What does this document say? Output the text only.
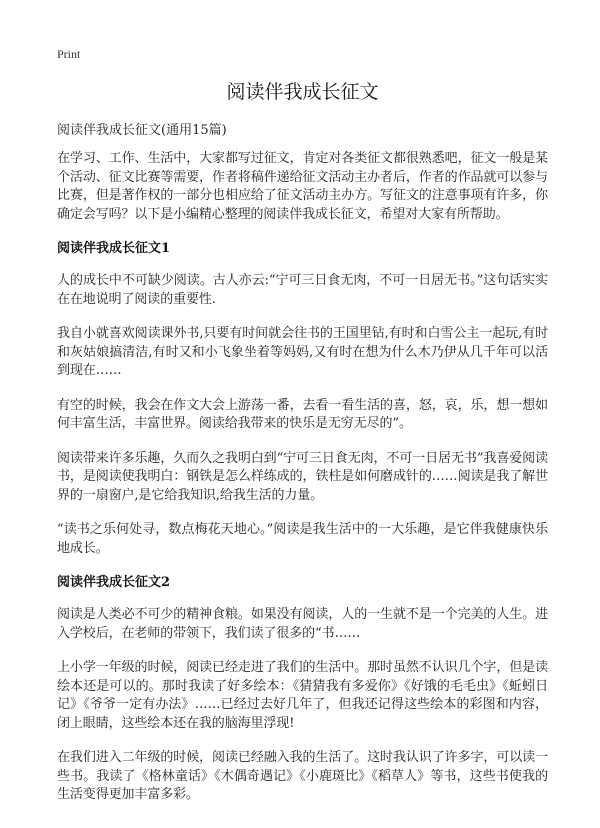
Print
阅读伴我成长征文
阅读伴我成长征文(通用15篇)

在学习、工作、生活中，大家都写过征文，肯定对各类征文都很熟悉吧，征文一般是某个活动、征文比赛等需要，作者将稿件递给征文活动主办者后，作者的作品就可以参与比赛，但是著作权的一部分也相应给了征文活动主办方。写征文的注意事项有许多，你确定会写吗？以下是小编精心整理的阅读伴我成长征文，希望对大家有所帮助。

阅读伴我成长征文1

人的成长中不可缺少阅读。古人亦云:“宁可三日食无肉，不可一日居无书。”这句话实实在在地说明了阅读的重要性.

我自小就喜欢阅读课外书,只要有时间就会往书的王国里钻,有时和白雪公主一起玩,有时和灰姑娘搞清洁,有时又和小飞象坐着等妈妈,又有时在想为什么木乃伊从几千年可以活到现在……

有空的时候，我会在作文大会上游荡一番，去看一看生活的喜，怒，哀，乐，想一想如何丰富生活，丰富世界。阅读给我带来的快乐是无穷无尽的”。

阅读带来许多乐趣，久而久之我明白到“宁可三日食无肉，不可一日居无书”我喜爱阅读书，是阅读使我明白：钢铁是怎么样练成的，铁柱是如何磨成针的……阅读是我了解世界的一扇窗户,是它给我知识,给我生活的力量。

“读书之乐何处寻，数点梅花天地心。”阅读是我生活中的一大乐趣，是它伴我健康快乐地成长。

阅读伴我成长征文2

阅读是人类必不可少的精神食粮。如果没有阅读，人的一生就不是一个完美的人生。进入学校后，在老师的带领下，我们读了很多的“书……

上小学一年级的时候，阅读已经走进了我们的生活中。那时虽然不认识几个字，但是读绘本还是可以的。那时我读了好多绘本：《猜猜我有多爱你》《好饿的毛毛虫》《蚯蚓日记》《爷爷一定有办法》……已经过去好几年了，但我还记得这些绘本的彩图和内容，闭上眼睛，这些绘本还在我的脑海里浮现!

在我们进入二年级的时候，阅读已经融入我的生活了。这时我认识了许多字，可以读一些书。我读了《格林童话》《木偶奇遇记》《小鹿斑比》《稻草人》等书，这些书使我的生活变得更加丰富多彩。
